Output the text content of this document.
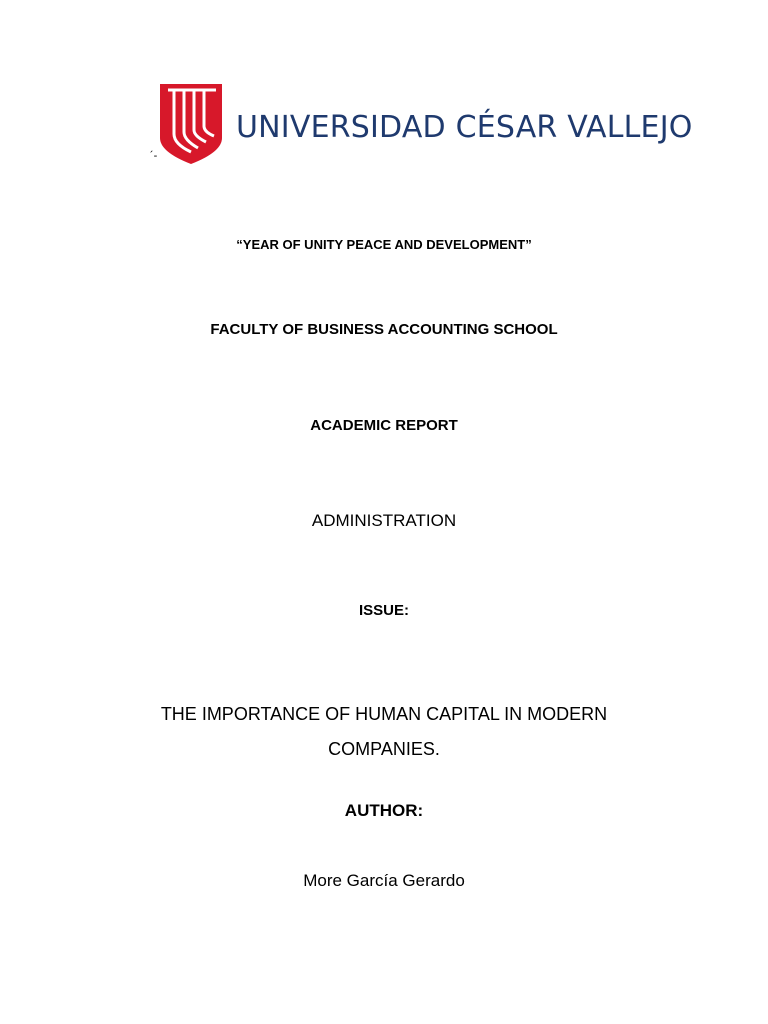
UNIVERSIDAD CÉSAR VALLEJO
´-
“YEAR OF UNITY PEACE AND DEVELOPMENT”
FACULTY OF BUSINESS ACCOUNTING SCHOOL
ACADEMIC REPORT
ADMINISTRATION
ISSUE:
THE IMPORTANCE OF HUMAN CAPITAL IN MODERN
COMPANIES.
AUTHOR:
More García Gerardo
